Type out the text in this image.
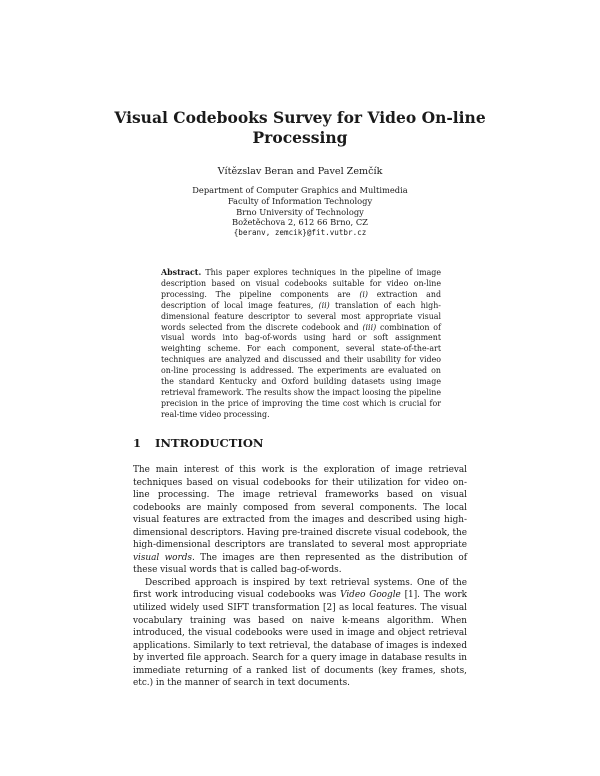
Visual Codebooks Survey for Video On-line Processing
Vítězslav Beran and Pavel Zemčík
Department of Computer Graphics and Multimedia
Faculty of Information Technology
Brno University of Technology
Božetěchova 2, 612 66 Brno, CZ
{beranv, zemcik}@fit.vutbr.cz
Abstract. This paper explores techniques in the pipeline of image description based on visual codebooks suitable for video on-line processing. The pipeline components are (i) extraction and description of local image features, (ii) translation of each high-dimensional feature descriptor to several most appropriate visual words selected from the discrete codebook and (iii) combination of visual words into bag-of-words using hard or soft assignment weighting scheme. For each component, several state-of-the-art techniques are analyzed and discussed and their usability for video on-line processing is addressed. The experiments are evaluated on the standard Kentucky and Oxford building datasets using image retrieval framework. The results show the impact loosing the pipeline precision in the price of improving the time cost which is crucial for real-time video processing.
1 INTRODUCTION

The main interest of this work is the exploration of image retrieval techniques based on visual codebooks for their utilization for video on-line processing. The image retrieval frameworks based on visual codebooks are mainly composed from several components. The local visual features are extracted from the images and described using high-dimensional descriptors. Having pre-trained discrete visual codebook, the high-dimensional descriptors are translated to several most appropriate visual words. The images are then represented as the distribution of these visual words that is called bag-of-words.

Described approach is inspired by text retrieval systems. One of the first work introducing visual codebooks was Video Google [1]. The work utilized widely used SIFT transformation [2] as local features. The visual vocabulary training was based on naive k-means algorithm. When introduced, the visual codebooks were used in image and object retrieval applications. Similarly to text retrieval, the database of images is indexed by inverted file approach. Search for a query image in database results in immediate returning of a ranked list of documents (key frames, shots, etc.) in the manner of search in text documents.
